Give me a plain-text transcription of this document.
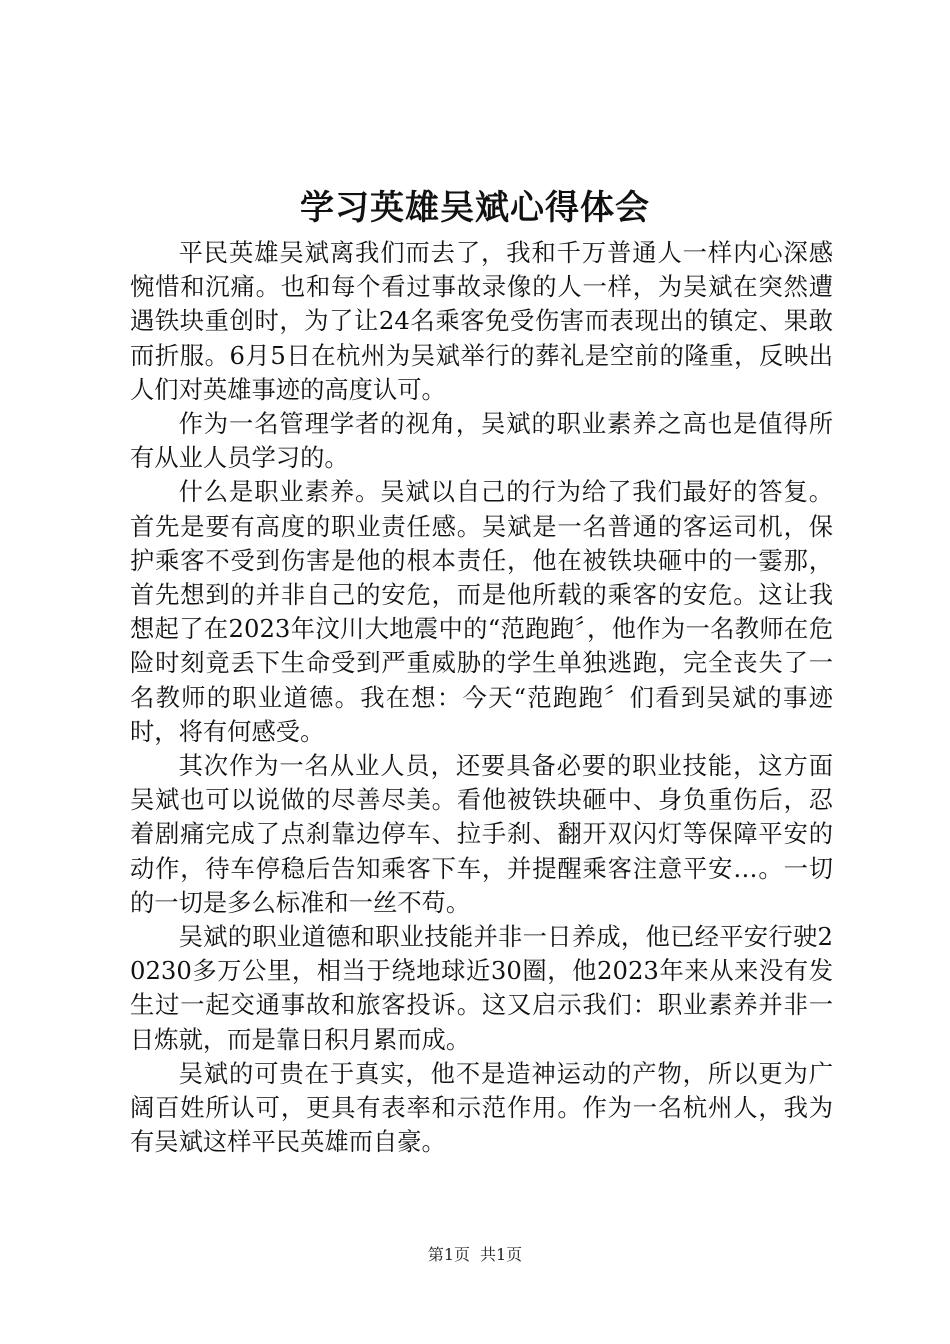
学习英雄吴斌心得体会

平民英雄吴斌离我们而去了，我和千万普通人一样内心深感惋惜和沉痛。也和每个看过事故录像的人一样，为吴斌在突然遭遇铁块重创时，为了让24名乘客免受伤害而表现出的镇定、果敢而折服。6月5日在杭州为吴斌举行的葬礼是空前的隆重，反映出人们对英雄事迹的高度认可。

作为一名管理学者的视角，吴斌的职业素养之高也是值得所有从业人员学习的。

什么是职业素养。吴斌以自己的行为给了我们最好的答复。首先是要有高度的职业责任感。吴斌是一名普通的客运司机，保护乘客不受到伤害是他的根本责任，他在被铁块砸中的一霎那，首先想到的并非自己的安危，而是他所载的乘客的安危。这让我想起了在2023年汶川大地震中的“范跑跑〞，他作为一名教师在危险时刻竟丢下生命受到严重威胁的学生单独逃跑，完全丧失了一名教师的职业道德。我在想：今天“范跑跑〞们看到吴斌的事迹时，将有何感受。

其次作为一名从业人员，还要具备必要的职业技能，这方面吴斌也可以说做的尽善尽美。看他被铁块砸中、身负重伤后，忍着剧痛完成了点刹靠边停车、拉手刹、翻开双闪灯等保障平安的动作，待车停稳后告知乘客下车，并提醒乘客注意平安…。一切的一切是多么标准和一丝不苟。

吴斌的职业道德和职业技能并非一日养成，他已经平安行驶20230多万公里，相当于绕地球近30圈，他2023年来从来没有发生过一起交通事故和旅客投诉。这又启示我们：职业素养并非一日炼就，而是靠日积月累而成。

吴斌的可贵在于真实，他不是造神运动的产物，所以更为广阔百姓所认可，更具有表率和示范作用。作为一名杭州人，我为有吴斌这样平民英雄而自豪。

第1页 共1页
